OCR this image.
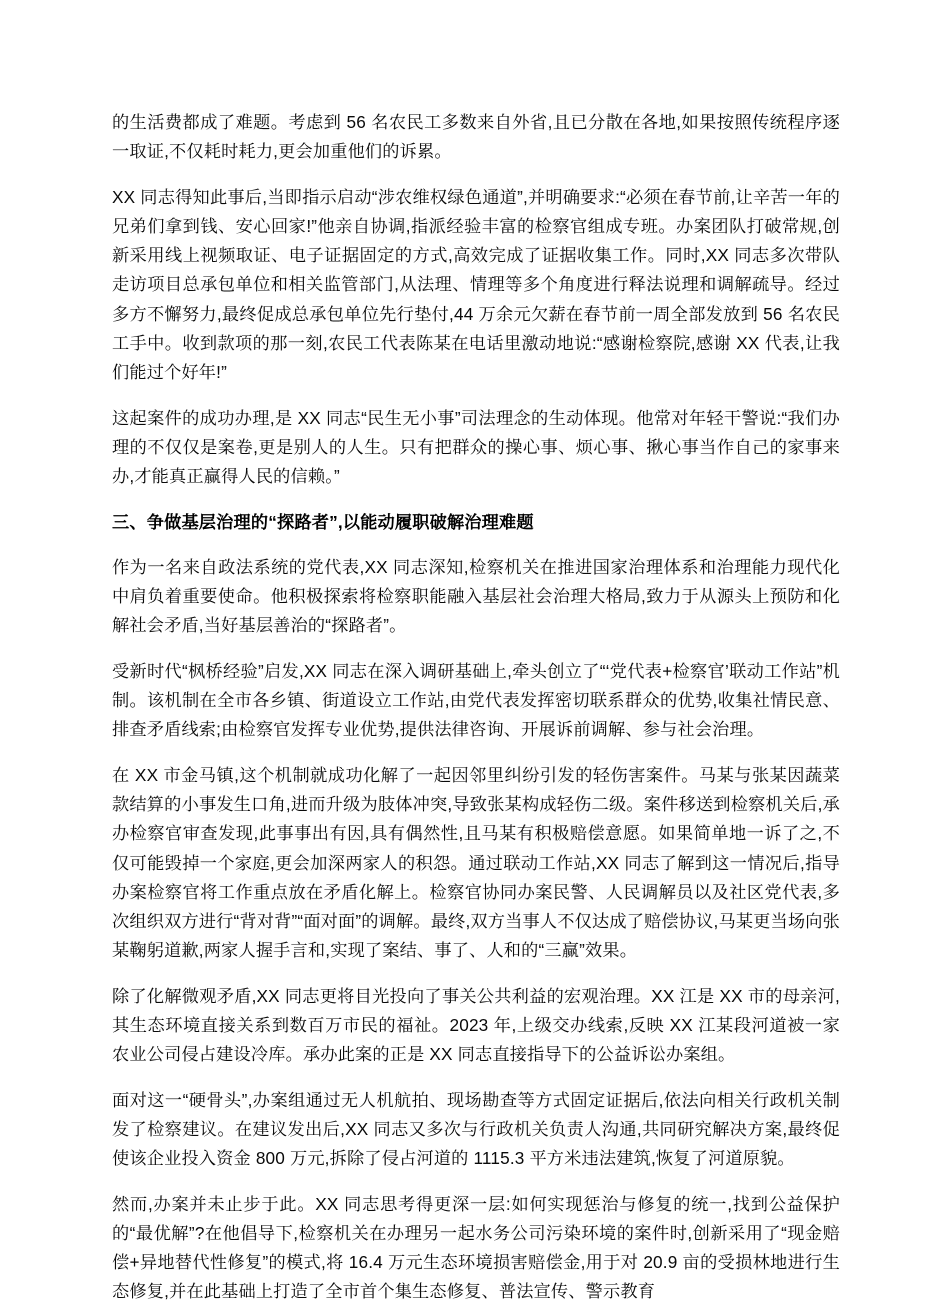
的生活费都成了难题。考虑到 56 名农民工多数来自外省,且已分散在各地,如果按照传统程序逐一取证,不仅耗时耗力,更会加重他们的诉累。

XX 同志得知此事后,当即指示启动“涉农维权绿色通道”,并明确要求:“必须在春节前,让辛苦一年的兄弟们拿到钱、安心回家!”他亲自协调,指派经验丰富的检察官组成专班。办案团队打破常规,创新采用线上视频取证、电子证据固定的方式,高效完成了证据收集工作。同时,XX 同志多次带队走访项目总承包单位和相关监管部门,从法理、情理等多个角度进行释法说理和调解疏导。经过多方不懈努力,最终促成总承包单位先行垫付,44 万余元欠薪在春节前一周全部发放到 56 名农民工手中。收到款项的那一刻,农民工代表陈某在电话里激动地说:“感谢检察院,感谢 XX 代表,让我们能过个好年!”

这起案件的成功办理,是 XX 同志“民生无小事”司法理念的生动体现。他常对年轻干警说:“我们办理的不仅仅是案卷,更是别人的人生。只有把群众的操心事、烦心事、揪心事当作自己的家事来办,才能真正赢得人民的信赖。”

三、争做基层治理的“探路者”,以能动履职破解治理难题

作为一名来自政法系统的党代表,XX 同志深知,检察机关在推进国家治理体系和治理能力现代化中肩负着重要使命。他积极探索将检察职能融入基层社会治理大格局,致力于从源头上预防和化解社会矛盾,当好基层善治的“探路者”。

受新时代“枫桥经验”启发,XX 同志在深入调研基础上,牵头创立了“‘党代表+检察官’联动工作站”机制。该机制在全市各乡镇、街道设立工作站,由党代表发挥密切联系群众的优势,收集社情民意、排查矛盾线索;由检察官发挥专业优势,提供法律咨询、开展诉前调解、参与社会治理。

在 XX 市金马镇,这个机制就成功化解了一起因邻里纠纷引发的轻伤害案件。马某与张某因蔬菜款结算的小事发生口角,进而升级为肢体冲突,导致张某构成轻伤二级。案件移送到检察机关后,承办检察官审查发现,此事事出有因,具有偶然性,且马某有积极赔偿意愿。如果简单地一诉了之,不仅可能毁掉一个家庭,更会加深两家人的积怨。通过联动工作站,XX 同志了解到这一情况后,指导办案检察官将工作重点放在矛盾化解上。检察官协同办案民警、人民调解员以及社区党代表,多次组织双方进行“背对背”“面对面”的调解。最终,双方当事人不仅达成了赔偿协议,马某更当场向张某鞠躬道歉,两家人握手言和,实现了案结、事了、人和的“三赢”效果。

除了化解微观矛盾,XX 同志更将目光投向了事关公共利益的宏观治理。XX 江是 XX 市的母亲河,其生态环境直接关系到数百万市民的福祉。2023 年,上级交办线索,反映 XX 江某段河道被一家农业公司侵占建设冷库。承办此案的正是 XX 同志直接指导下的公益诉讼办案组。

面对这一“硬骨头”,办案组通过无人机航拍、现场勘查等方式固定证据后,依法向相关行政机关制发了检察建议。在建议发出后,XX 同志又多次与行政机关负责人沟通,共同研究解决方案,最终促使该企业投入资金 800 万元,拆除了侵占河道的 1115.3 平方米违法建筑,恢复了河道原貌。

然而,办案并未止步于此。XX 同志思考得更深一层:如何实现惩治与修复的统一,找到公益保护的“最优解”?在他倡导下,检察机关在办理另一起水务公司污染环境的案件时,创新采用了“现金赔偿+异地替代性修复”的模式,将 16.4 万元生态环境损害赔偿金,用于对 20.9 亩的受损林地进行生态修复,并在此基础上打造了全市首个集生态修复、普法宣传、警示教育
